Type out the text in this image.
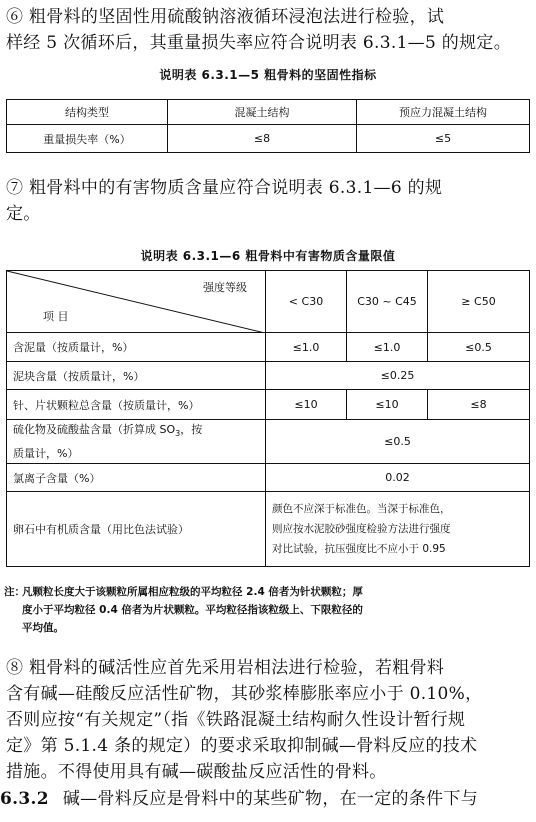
⑥ 粗骨料的坚固性用硫酸钠溶液循环浸泡法进行检验，试
样经 5 次循环后，其重量损失率应符合说明表 6.3.1—5 的规定。
说明表 6.3.1—5 粗骨料的坚固性指标
结构类型	混凝土结构	预应力混凝土结构
重量损失率（%）	≤8	≤5
⑦ 粗骨料中的有害物质含量应符合说明表 6.3.1—6 的规
定。
说明表 6.3.1—6 粗骨料中有害物质含量限值
强度等级
项 目	< C30	C30 ~ C45	≥ C50
含泥量（按质量计，%）	≤1.0	≤1.0	≤0.5
泥块含量（按质量计，%）	≤0.25		
针、片状颗粒总含量（按质量计，%）	≤10	≤10	≤8
硫化物及硫酸盐含量（折算成 $SO_3$，按
质量计，%）	≤0.5		
氯离子含量（%）	0.02		
卵石中有机质含量（用比色法试验）	颜色不应深于标准色。当深于标准色，
则应按水泥胶砂强度检验方法进行强度
对比试验，抗压强度比不应小于 0.95		
注：
凡颗粒长度大于该颗粒所属相应粒级的平均粒径 2.4 倍者为针状颗粒；厚
度小于平均粒径 0.4 倍者为片状颗粒。平均粒径指该粒级上、下限粒径的
平均值。
⑧ 粗骨料的碱活性应首先采用岩相法进行检验，若粗骨料
含有碱—硅酸反应活性矿物，其砂浆棒膨胀率应小于 0.10%，
否则应按“有关规定”（指《铁路混凝土结构耐久性设计暂行规
定》第 5.1.4 条的规定）的要求采取抑制碱—骨料反应的技术
措施。不得使用具有碱—碳酸盐反应活性的骨料。
6.3.2 碱—骨料反应是骨料中的某些矿物，在一定的条件下与
